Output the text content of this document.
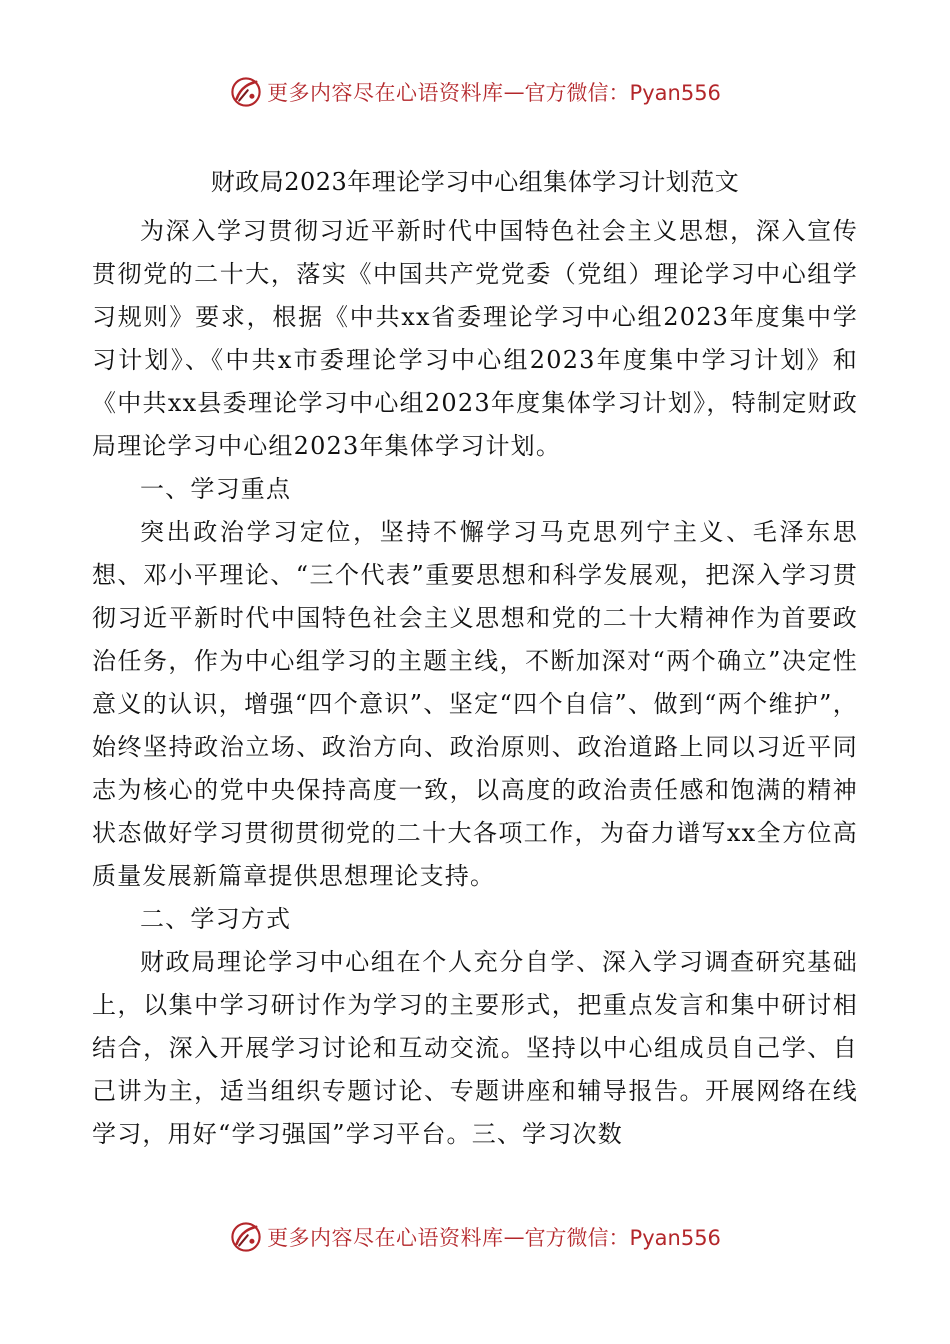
更多内容尽在心语资料库 — 官方微信：Pyan556
财政局2023年理论学习中心组集体学习计划范文

为深入学习贯彻习近平新时代中国特色社会主义思想，深入宣传贯彻党的二十大，落实《中国共产党党委（党组）理论学习中心组学习规则》要求，根据《中共xx省委理论学习中心组2023年度集中学习计划》、《中共x市委理论学习中心组2023年度集中学习计划》和《中共xx县委理论学习中心组2023年度集体学习计划》，特制定财政局理论学习中心组2023年集体学习计划。

一、学习重点

突出政治学习定位，坚持不懈学习马克思列宁主义、毛泽东思想、邓小平理论、“三个代表”重要思想和科学发展观，把深入学习贯彻习近平新时代中国特色社会主义思想和党的二十大精神作为首要政治任务，作为中心组学习的主题主线，不断加深对“两个确立”决定性意义的认识，增强“四个意识”、坚定“四个自信”、做到“两个维护”，始终坚持政治立场、政治方向、政治原则、政治道路上同以习近平同志为核心的党中央保持高度一致，以高度的政治责任感和饱满的精神状态做好学习贯彻贯彻党的二十大各项工作，为奋力谱写xx全方位高质量发展新篇章提供思想理论支持。

二、学习方式

财政局理论学习中心组在个人充分自学、深入学习调查研究基础上，以集中学习研讨作为学习的主要形式，把重点发言和集中研讨相结合，深入开展学习讨论和互动交流。坚持以中心组成员自己学、自己讲为主，适当组织专题讨论、专题讲座和辅导报告。开展网络在线学习，用好“学习强国”学习平台。三、学习次数

更多内容尽在心语资料库 — 官方微信：Pyan556
